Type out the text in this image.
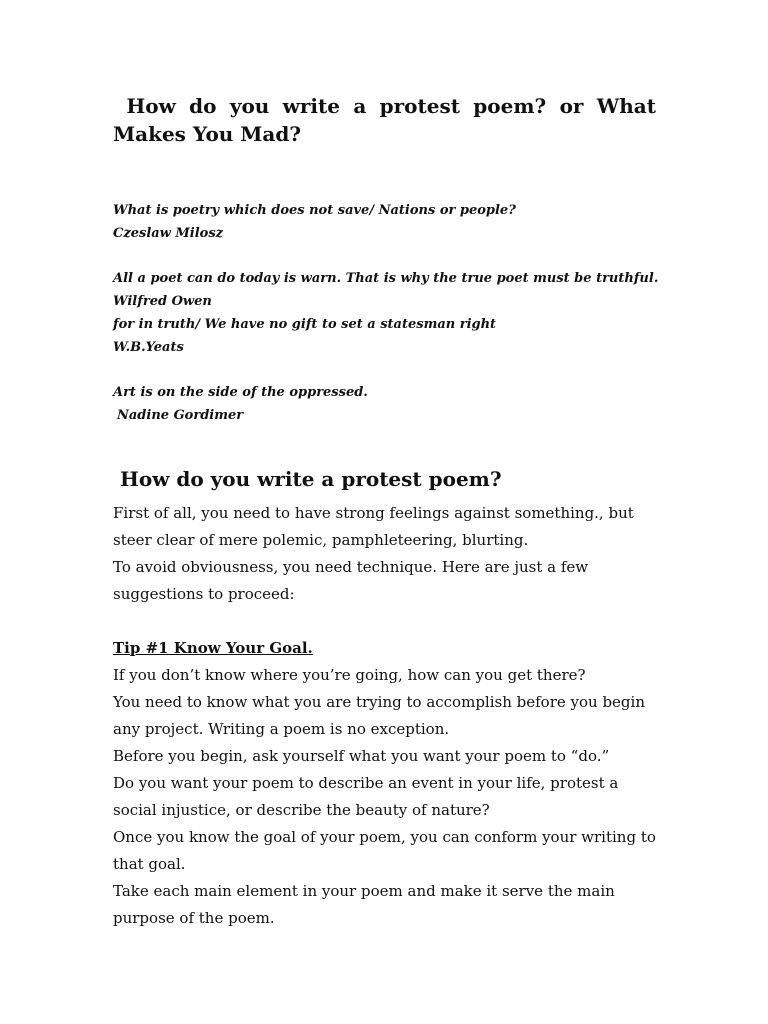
How do you write a protest poem? or What Makes You Mad?

What is poetry which does not save/ Nations or people?

Czeslaw Milosz

All a poet can do today is warn. That is why the true poet must be truthful.

Wilfred Owen

for in truth/ We have no gift to set a statesman right

W.B.Yeats

Art is on the side of the oppressed.

Nadine Gordimer

How do you write a protest poem?

First of all, you need to have strong feelings against something., but steer clear of mere polemic, pamphleteering, blurting.

To avoid obviousness, you need technique. Here are just a few suggestions to proceed:

Tip #1 Know Your Goal.

If you don’t know where you’re going, how can you get there?

You need to know what you are trying to accomplish before you begin any project. Writing a poem is no exception.

Before you begin, ask yourself what you want your poem to “do.”

Do you want your poem to describe an event in your life, protest a social injustice, or describe the beauty of nature?

Once you know the goal of your poem, you can conform your writing to that goal.

Take each main element in your poem and make it serve the main purpose of the poem.
